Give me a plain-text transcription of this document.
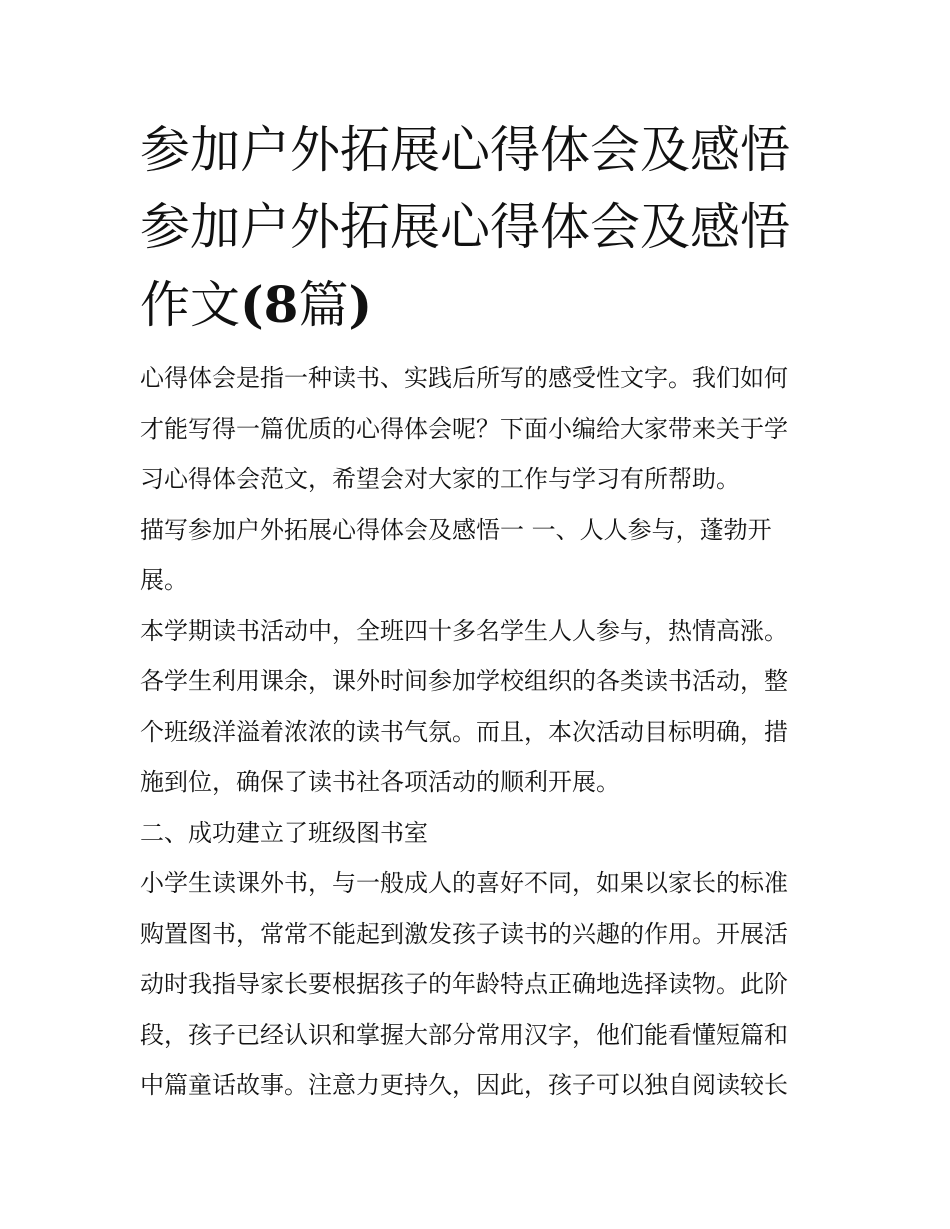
参加户外拓展心得体会及感悟
参加户外拓展心得体会及感悟
作文(8篇)

心得体会是指一种读书、实践后所写的感受性文字。我们如何
才能写得一篇优质的心得体会呢？下面小编给大家带来关于学
习心得体会范文，希望会对大家的工作与学习有所帮助。

描写参加户外拓展心得体会及感悟一 一、人人参与，蓬勃开
展。

本学期读书活动中，全班四十多名学生人人参与，热情高涨。
各学生利用课余，课外时间参加学校组织的各类读书活动，整
个班级洋溢着浓浓的读书气氛。而且，本次活动目标明确，措
施到位，确保了读书社各项活动的顺利开展。

二、成功建立了班级图书室

小学生读课外书，与一般成人的喜好不同，如果以家长的标准
购置图书，常常不能起到激发孩子读书的兴趣的作用。开展活
动时我指导家长要根据孩子的年龄特点正确地选择读物。此阶
段，孩子已经认识和掌握大部分常用汉字，他们能看懂短篇和
中篇童话故事。注意力更持久，因此，孩子可以独自阅读较长
